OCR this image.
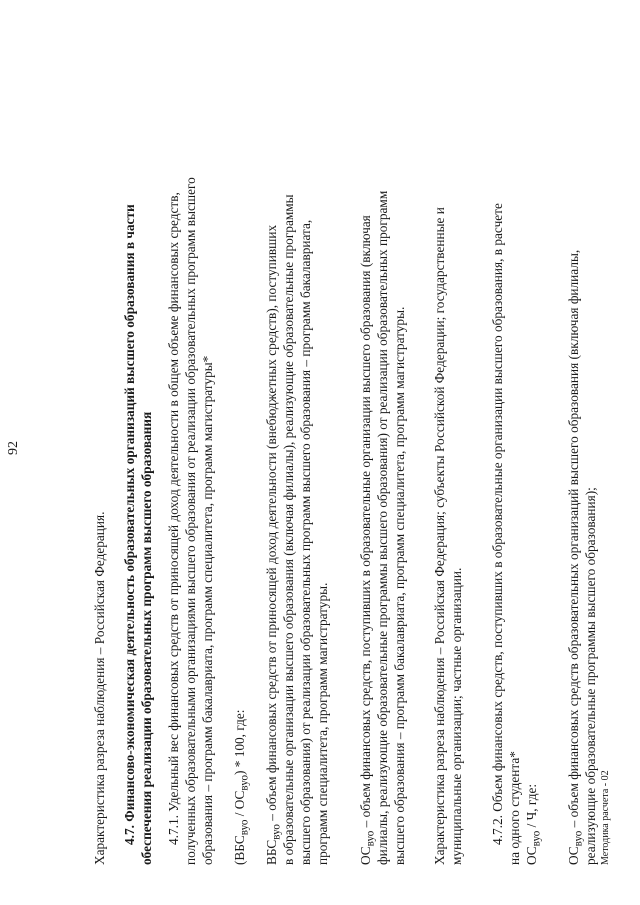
92

Характеристика разреза наблюдения – Российская Федерация. 4.7. Финансово-экономическая деятельность образовательных организаций высшего образования в части обеспечения реализации образовательных программ высшего образования 4.7.1. Удельный вес финансовых средств от приносящей доход деятельности в общем объеме финансовых средств, полученных образовательными организациями высшего образования от реализации образовательных программ высшего образования – программ бакалавриата, программ специалитета, программ магистратуры* $(ВБС_{вуо} / ОС_{вуо}) * 100$, где:

$ВБС_{вуо}$ – объем финансовых средств от приносящей доход деятельности (внебюджетных средств), поступивших в образовательные организации высшего образования (включая филиалы), реализующие образовательные программы высшего образования) от реализации образовательных программ высшего образования – программ бакалавриата, программ специалитета, программ магистратуры. $ОС_{вуо}$ – объем финансовых средств, поступивших в образовательные организации высшего образования (включая филиалы, реализующие образовательные программы высшего образования) от реализации образовательных программ высшего образования – программ бакалавриата, программ специалитета, программ магистратуры. Характеристика разреза наблюдения – Российская Федерация; субъекты Российской Федерации; государственные и муниципальные организации; частные организации. 4.7.2. Объем финансовых средств, поступивших в образовательные организации высшего образования, в расчете на одного студента* $ОС_{вуо}$ / Ч, где:

$ОС_{вуо}$ – объем финансовых средств образовательных организаций высшего образования (включая филиалы, реализующие образовательные программы высшего образования); Методика расчета - 02
